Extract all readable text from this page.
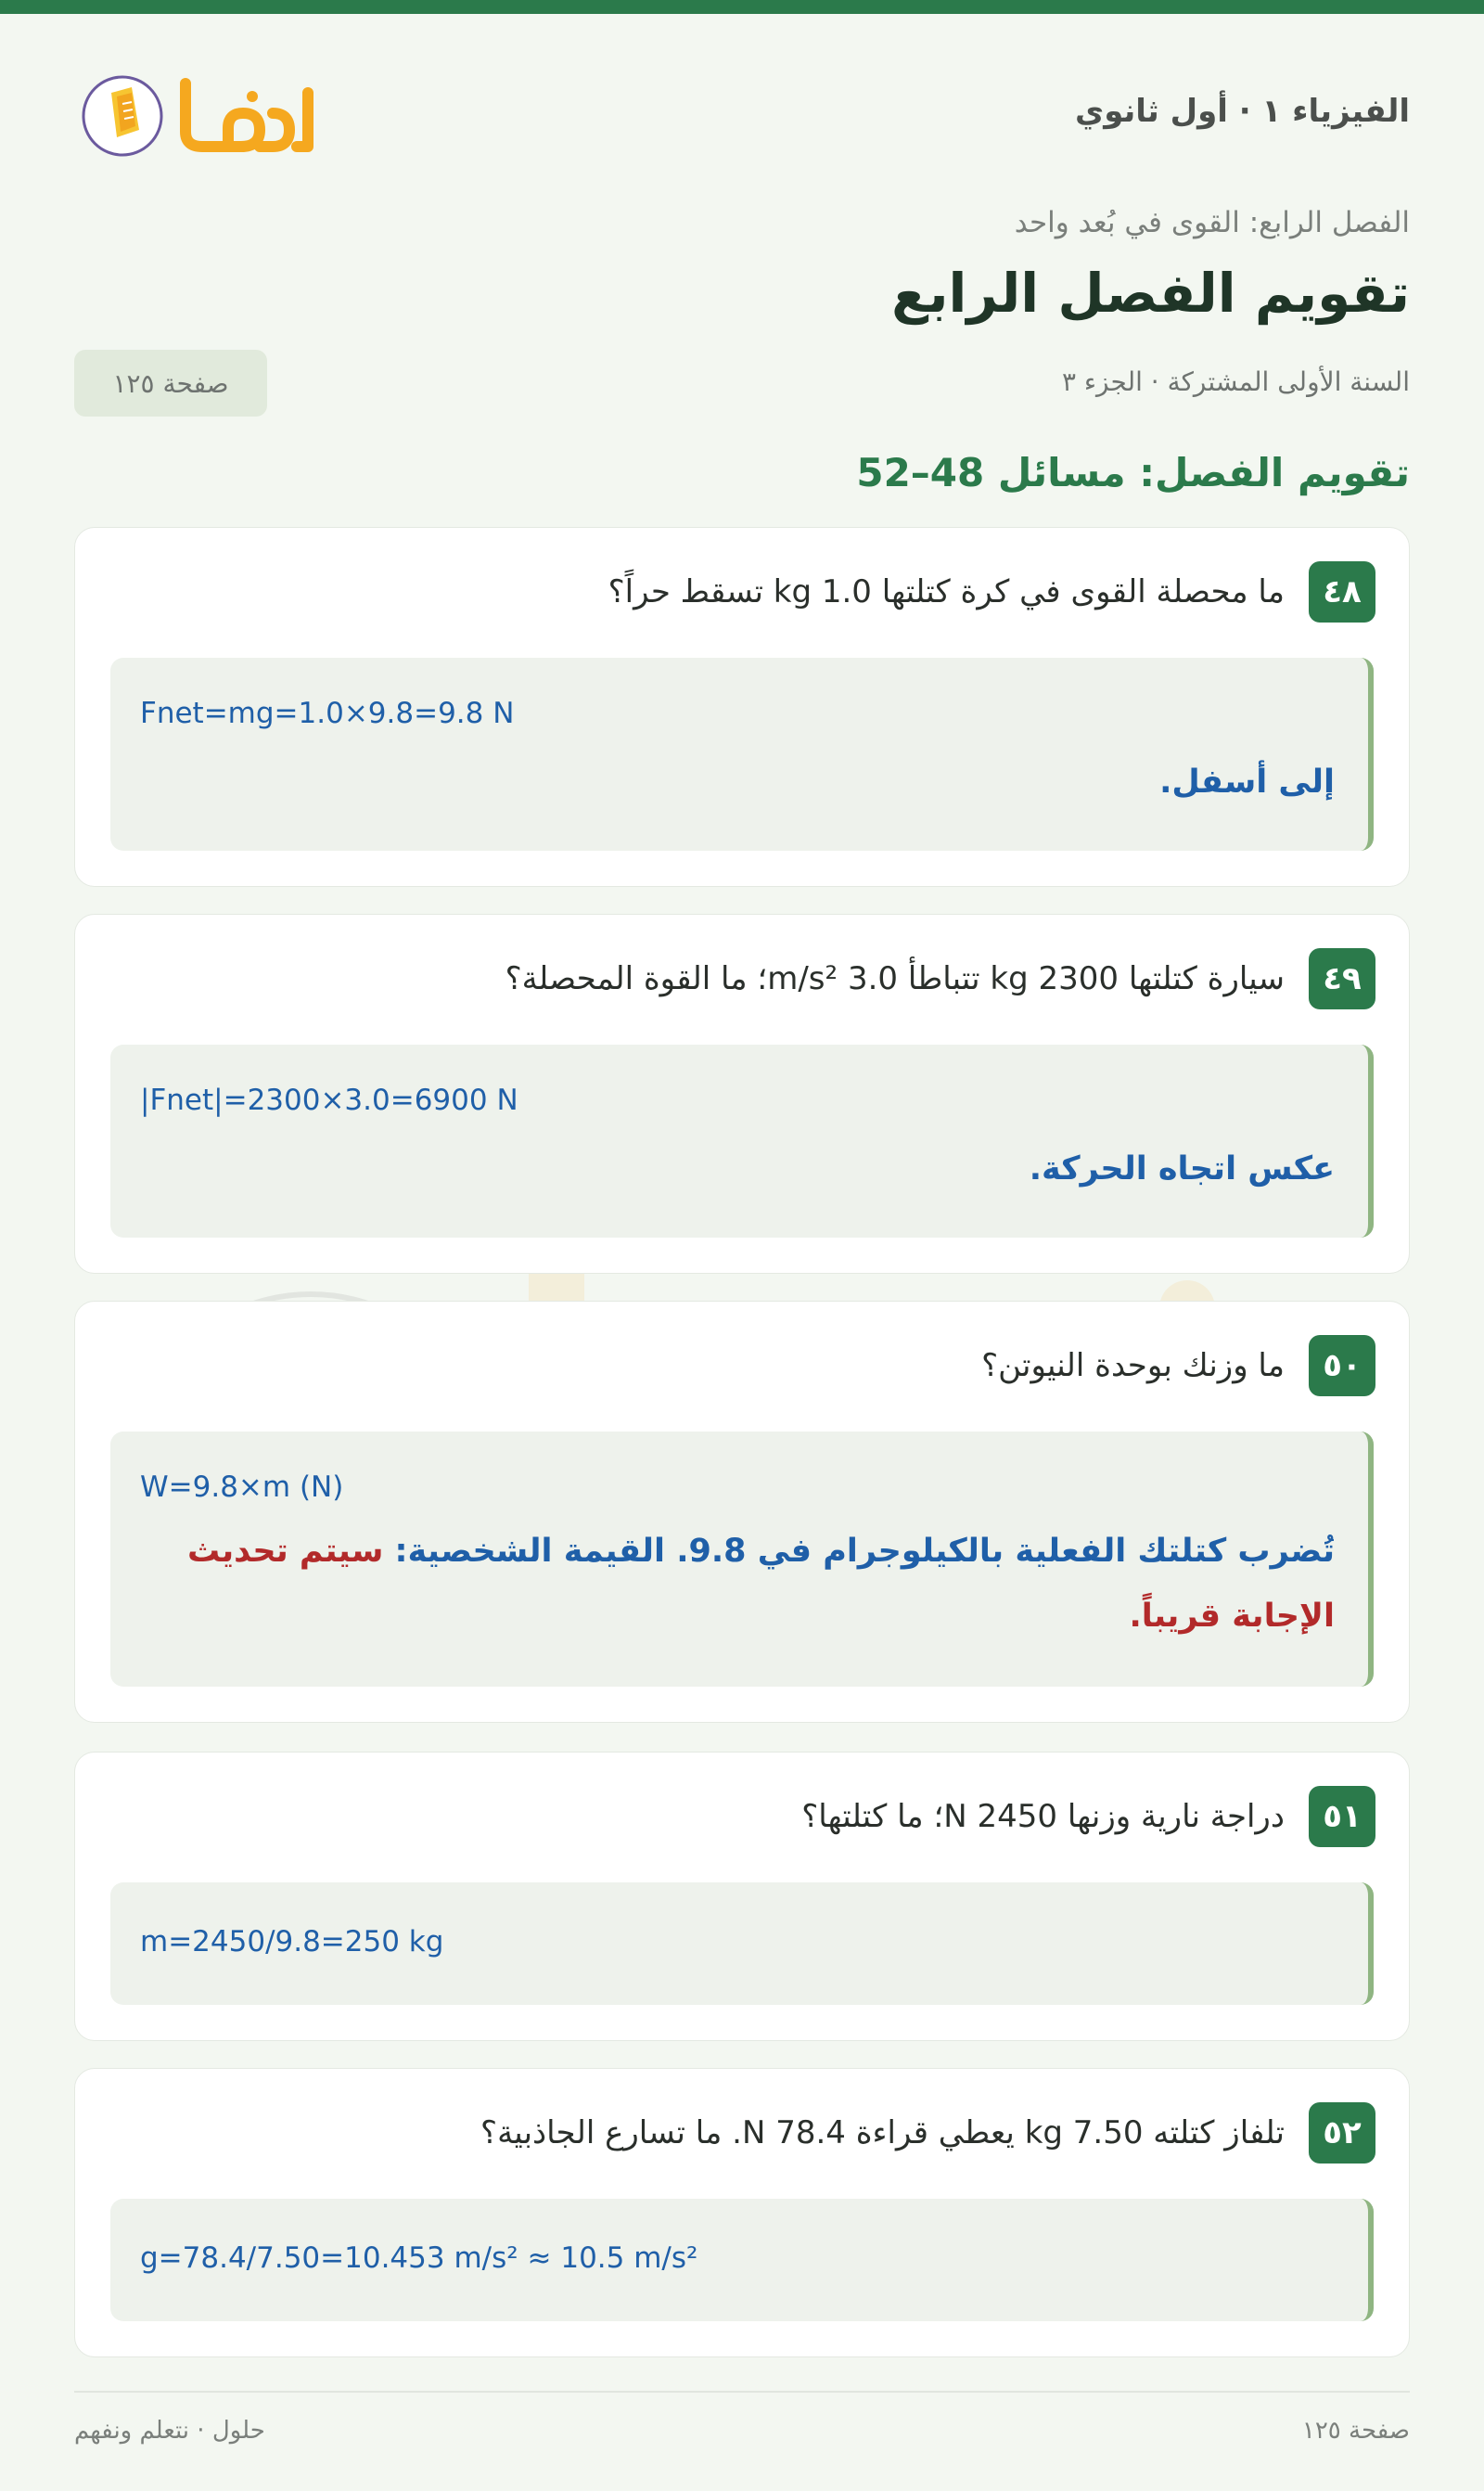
الفيزياء ١ · أول ثانوي
الفصل الرابع: القوى في بُعد واحد
تقويم الفصل الرابع
السنة الأولى المشتركة · الجزء ٣
صفحة ١٢٥
تقويم الفصل: مسائل 48–52
٤٨
ما محصلة القوى في كرة كتلتها 1.0 kg تسقط حراً؟
Fnet=mg=1.0×9.8=9.8 N
إلى أسفل.
٤٩
سيارة كتلتها 2300 kg تتباطأ 3.0 m/s²؛ ما القوة المحصلة؟
|Fnet|=2300×3.0=6900 N
عكس اتجاه الحركة.
٥٠
ما وزنك بوحدة النيوتن؟
W=9.8×m (N)
تُضرب كتلتك الفعلية بالكيلوجرام في 9.8. القيمة الشخصية: سيتم تحديث الإجابة قريباً.
٥١
دراجة نارية وزنها 2450 N؛ ما كتلتها؟
m=2450/9.8=250 kg
٥٢
تلفاز كتلته 7.50 kg يعطي قراءة 78.4 N. ما تسارع الجاذبية؟
g=78.4/7.50=10.453 m/s² ≈ 10.5 m/s²
صفحة ١٢٥
حلول · نتعلم ونفهم
